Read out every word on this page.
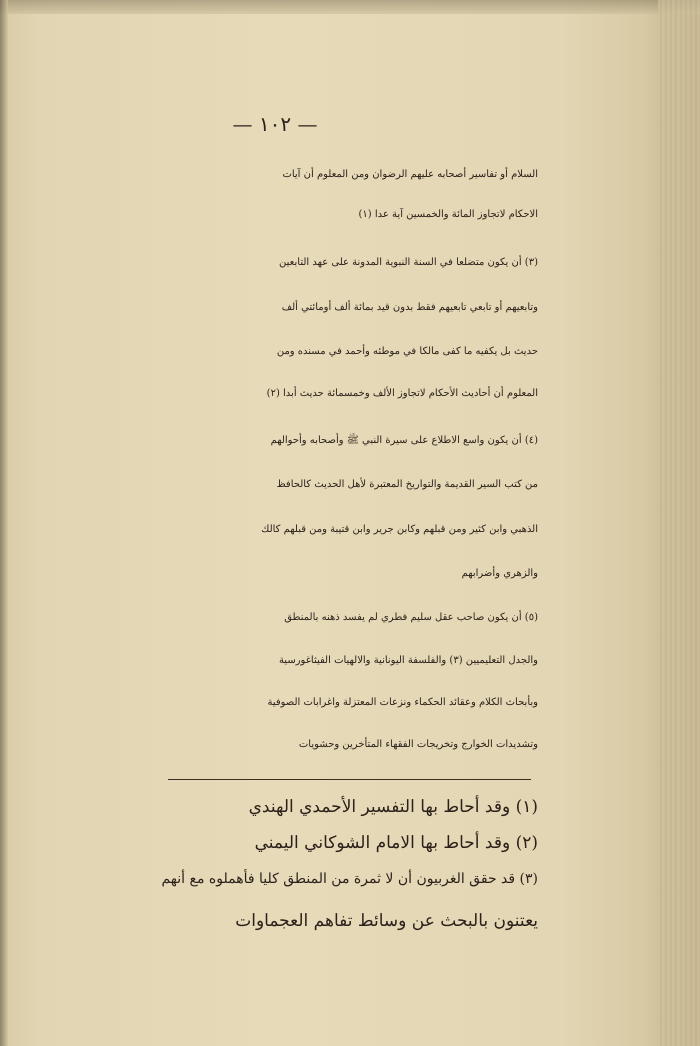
— ١٠٢ —
السلام أو تفاسير أصحابه عليهم الرضوان ومن المعلوم أن آيات
الاحكام لاتجاوز المائة والخمسين آية عدا (١)
(٣) أن يكون متضلعا في السنة النبوية المدونة على عهد التابعين
وتابعيهم أو تابعي تابعيهم فقط بدون قيد بمائة ألف أومائتي ألف
حديث بل يكفيه ما كفى مالكا في موطئه وأحمد في مسنده ومن
المعلوم أن أحاديث الأحكام لاتجاوز الألف وخمسمائة حديث أبدا (٢)
(٤) أن يكون واسع الاطلاع على سيرة النبي ﷺ وأصحابه وأحوالهم
من كتب السير القديمة والتواريخ المعتبرة لأهل الحديث كالحافظ
الذهبي وابن كثير ومن قبلهم وكابن جرير وابن قتيبة ومن قبلهم كالك
والزهري وأضرابهم
(٥) أن يكون صاحب عقل سليم فطري لم يفسد ذهنه بالمنطق
والجدل التعليميين (٣) والفلسفة اليونانية والالهيات الفيثاغورسية
وبأبحاث الكلام وعقائد الحكماء ونزعات المعتزلة واغرابات الصوفية
وتشديدات الخوارج وتخريجات الفقهاء المتأخرين وحشويات
(١) وقد أحاط بها التفسير الأحمدي الهندي
(٢) وقد أحاط بها الامام الشوكاني اليمني
(٣) قد حقق الغربيون أن لا ثمرة من المنطق كليا فأهملوه مع أنهم
يعتنون بالبحث عن وسائط تفاهم العجماوات
